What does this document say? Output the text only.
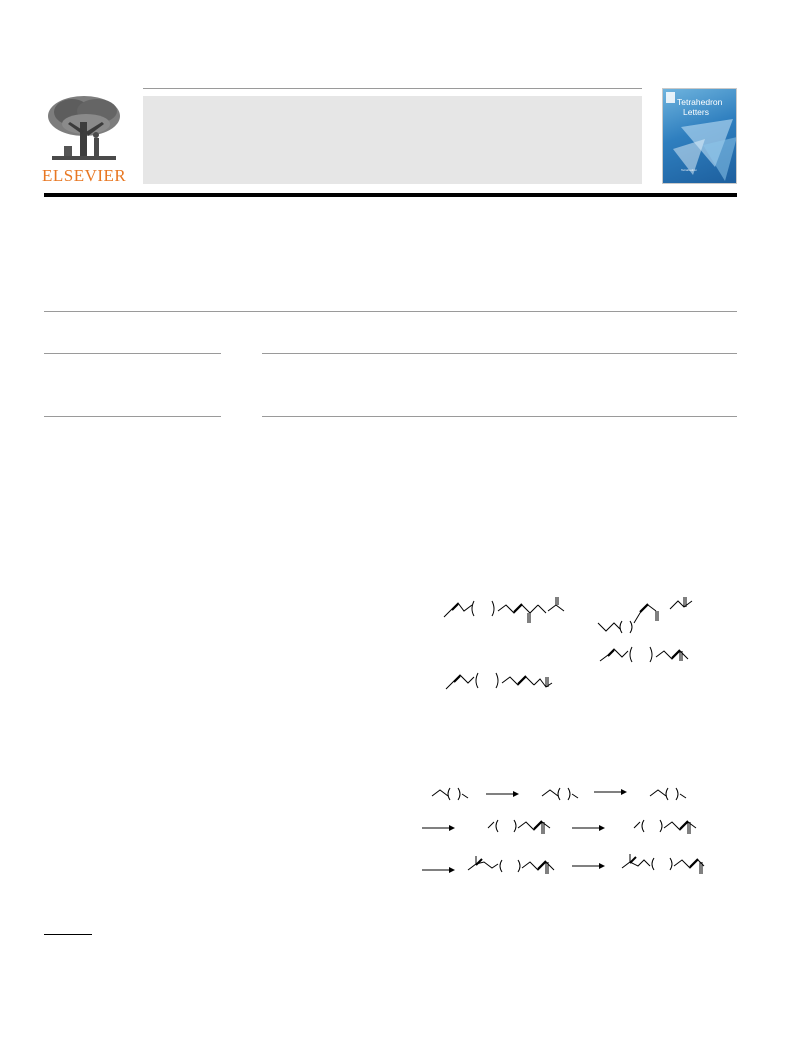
ELSEVIER
Tetrahedron
Letters
Tetrahedron
